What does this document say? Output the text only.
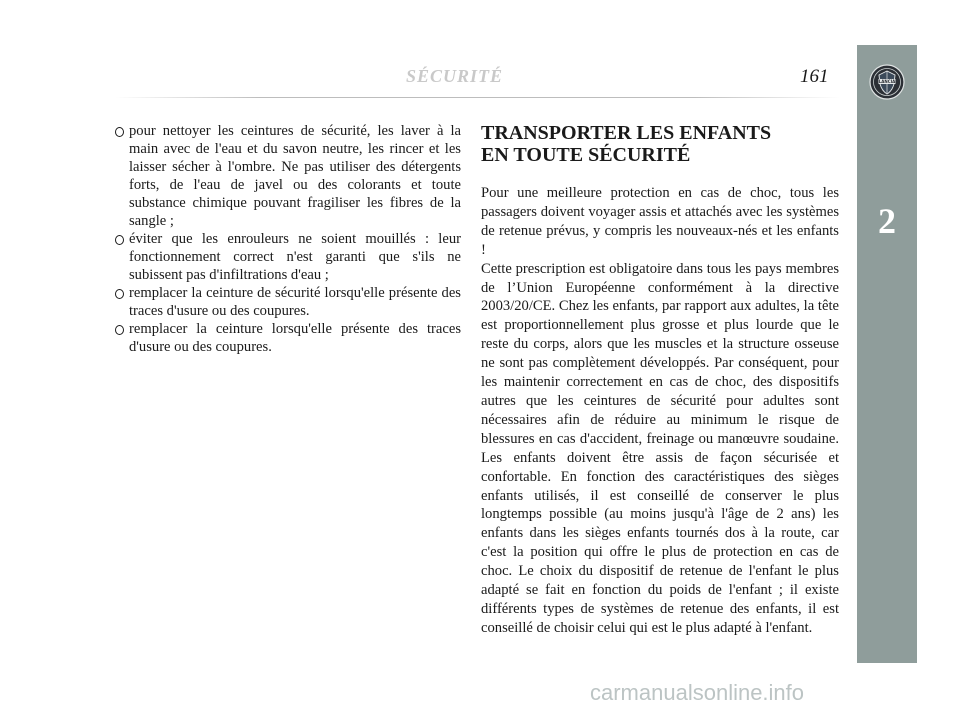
SÉCURITÉ	161	LANCIA
2

pour nettoyer les ceintures de sécurité, les laver à la main avec de l'eau et du savon neutre, les rincer et les laisser sécher à l'ombre. Ne pas utiliser des détergents forts, de l'eau de javel ou des colorants et toute substance chimique pouvant fragiliser les fibres de la sangle ;

éviter que les enrouleurs ne soient mouillés : leur fonctionnement correct n'est garanti que s'ils ne subissent pas d'infiltrations d'eau ;

remplacer la ceinture de sécurité lorsqu'elle présente des traces d'usure ou des coupures.

remplacer la ceinture lorsqu'elle présente des traces d'usure ou des coupures.

TRANSPORTER LES ENFANTS
EN TOUTE SÉCURITÉ

Pour une meilleure protection en cas de choc, tous les passagers doivent voyager assis et attachés avec les systèmes de retenue prévus, y compris les nouveaux-nés et les enfants !

Cette prescription est obligatoire dans tous les pays membres de l’Union Européenne conformément à la directive 2003/20/CE. Chez les enfants, par rapport aux adultes, la tête est proportionnellement plus grosse et plus lourde que le reste du corps, alors que les muscles et la structure osseuse ne sont pas complètement développés. Par conséquent, pour les maintenir correctement en cas de choc, des dispositifs autres que les ceintures de sécurité pour adultes sont nécessaires afin de réduire au minimum le risque de blessures en cas d'accident, freinage ou manœuvre soudaine. Les enfants doivent être assis de façon sécurisée et confortable. En fonction des caractéristiques des sièges enfants utilisés, il est conseillé de conserver le plus longtemps possible (au moins jusqu'à l'âge de 2 ans) les enfants dans les sièges enfants tournés dos à la route, car c'est la position qui offre le plus de protection en cas de choc. Le choix du dispositif de retenue de l'enfant le plus adapté se fait en fonction du poids de l'enfant ; il existe différents types de systèmes de retenue des enfants, il est conseillé de choisir celui qui est le plus adapté à l'enfant.

carmanualsonline.info
